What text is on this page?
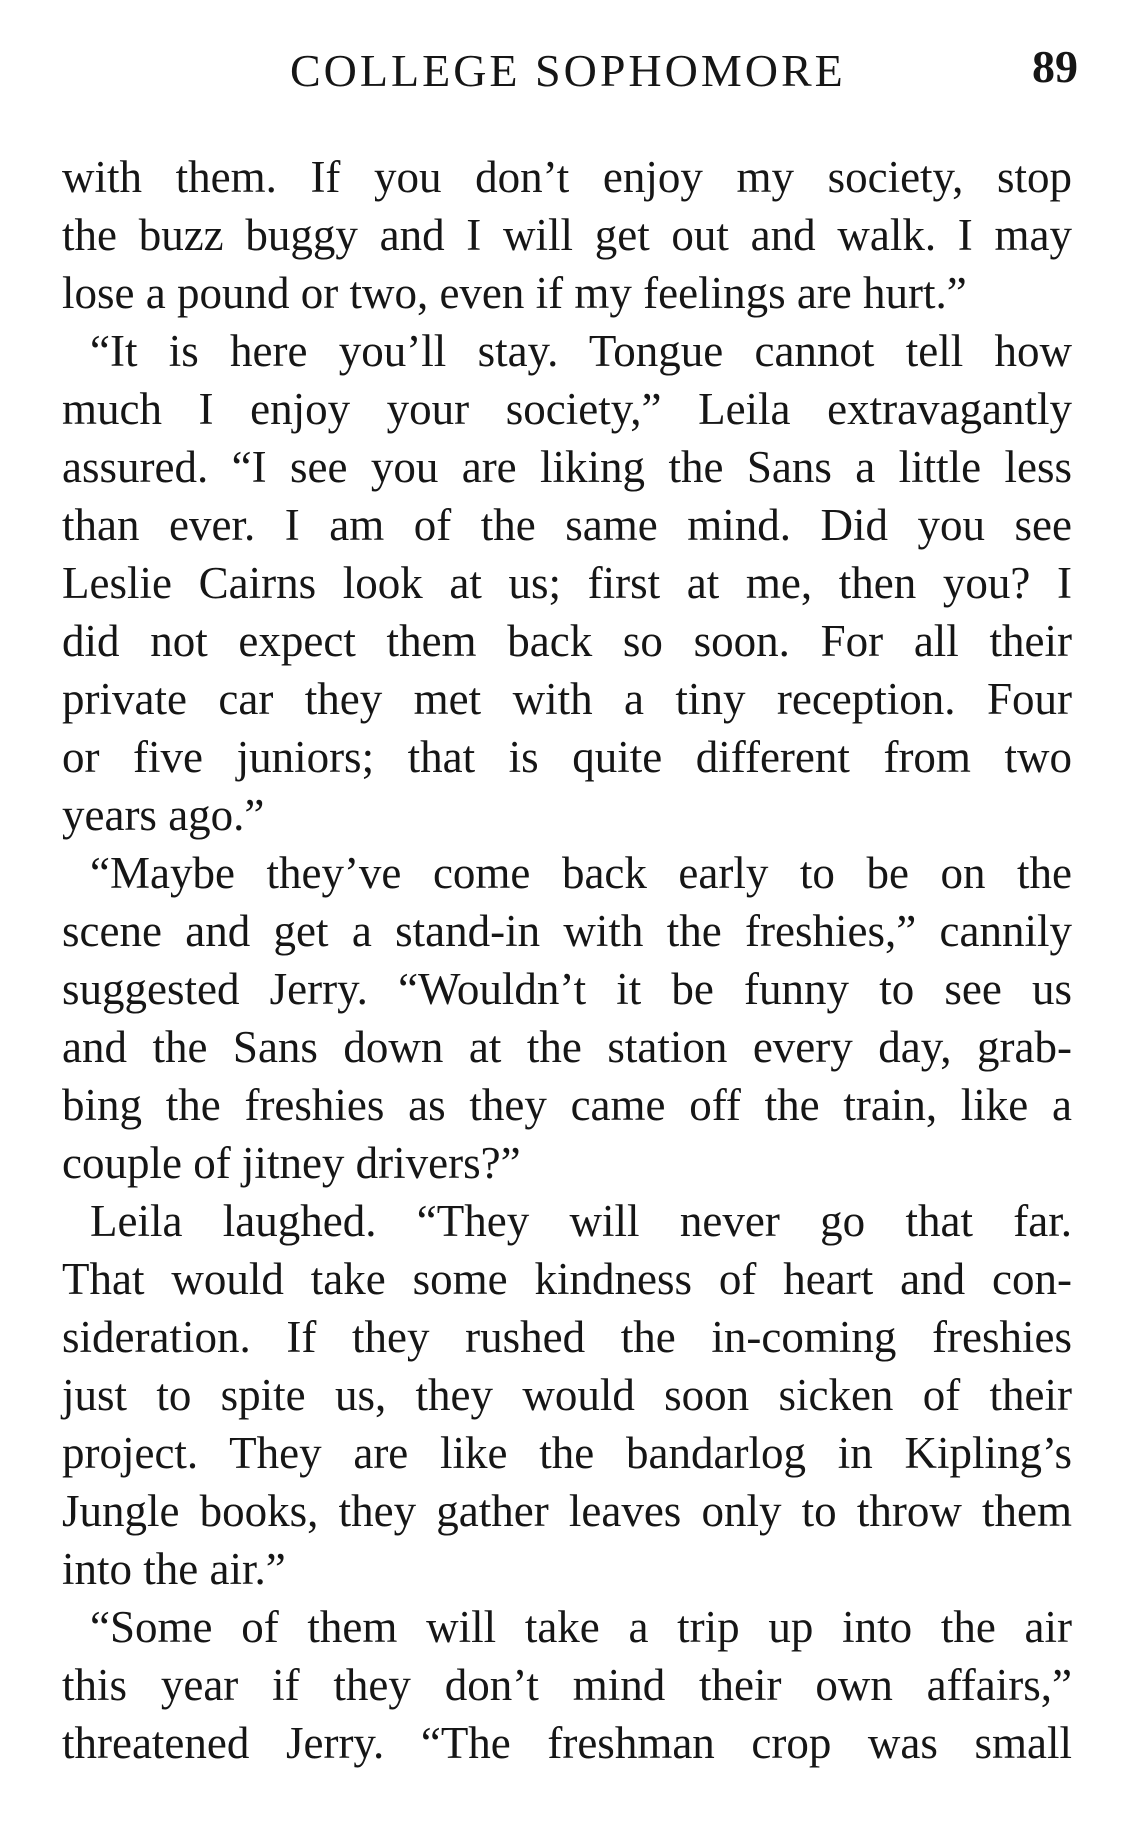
COLLEGE SOPHOMORE	89
with them. If you don’t enjoy my society, stop
the buzz buggy and I will get out and walk. I may
lose a pound or two, even if my feelings are hurt.”
“It is here you’ll stay. Tongue cannot tell how
much I enjoy your society,” Leila extravagantly
assured. “I see you are liking the Sans a little less
than ever. I am of the same mind. Did you see
Leslie Cairns look at us; first at me, then you? I
did not expect them back so soon. For all their
private car they met with a tiny reception. Four
or five juniors; that is quite different from two
years ago.”
“Maybe they’ve come back early to be on the
scene and get a stand-in with the freshies,” cannily
suggested Jerry. “Wouldn’t it be funny to see us
and the Sans down at the station every day, grab-
bing the freshies as they came off the train, like a
couple of jitney drivers?”
Leila laughed. “They will never go that far.
That would take some kindness of heart and con-
sideration. If they rushed the in-coming freshies
just to spite us, they would soon sicken of their
project. They are like the bandarlog in Kipling’s
Jungle books, they gather leaves only to throw them
into the air.”
“Some of them will take a trip up into the air
this year if they don’t mind their own affairs,”
threatened Jerry. “The freshman crop was small
